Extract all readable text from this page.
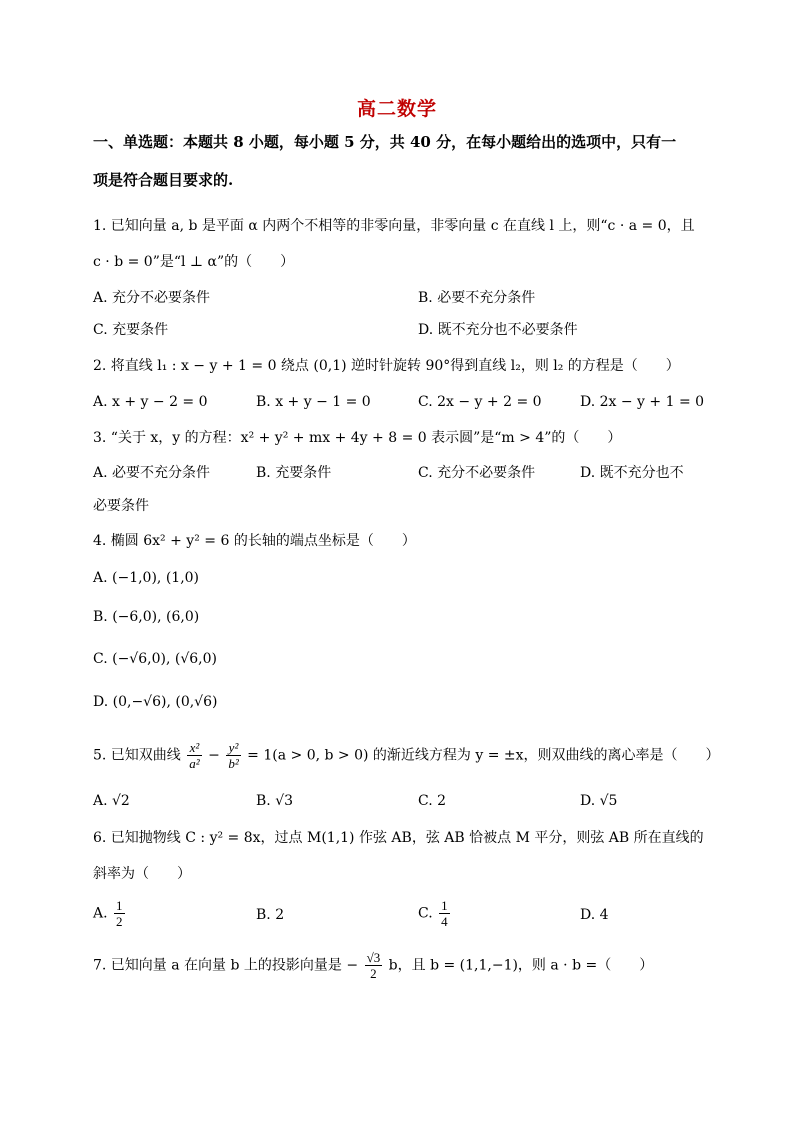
高二数学
一、单选题：本题共 8 小题，每小题 5 分，共 40 分，在每小题给出的选项中，只有一
项是符合题目要求的.
1. 已知向量 a, b 是平面 α 内两个不相等的非零向量，非零向量 c 在直线 l 上，则“c · a = 0，且
c · b = 0”是“l ⊥ α”的（　　）
A. 充分不必要条件	B. 必要不充分条件
C. 充要条件	D. 既不充分也不必要条件
2. 将直线 l₁ : x − y + 1 = 0 绕点 (0,1) 逆时针旋转 90°得到直线 l₂，则 l₂ 的方程是（　　）
A. x + y − 2 = 0	B. x + y − 1 = 0	C. 2x − y + 2 = 0	D. 2x − y + 1 = 0
3. “关于 x，y 的方程：x² + y² + mx + 4y + 8 = 0 表示圆”是“m > 4”的（　　）
A. 必要不充分条件	B. 充要条件	C. 充分不必要条件	D. 既不充分也不
必要条件
4. 椭圆 6x² + y² = 6 的长轴的端点坐标是（　　）
A. (−1,0), (1,0)
B. (−6,0), (6,0)
C. (−√6,0), (√6,0)
D. (0,−√6), (0,√6)
5. 已知双曲线 $\frac{\text{x²}}{\text{a²}} - \frac{\text{y²}}{\text{b²}} = 1(a > 0$, b > 0) 的渐近线方程为 y = ±x，则双曲线的离心率是（　　）
A. √2	B. √3	C. 2	D. √5
6. 已知抛物线 C : y² = 8x，过点 M(1,1) 作弦 AB，弦 AB 恰被点 M 平分，则弦 AB 所在直线的
斜率为（　　）
A. $\frac{1}{2}$	B. 2	C. $\frac{1}{4}$	D. 4
7. 已知向量 a 在向量 b 上的投影向量是 − $\frac{√3}{2}$ b，且 b = (1,1,−1)，则 a · b =（　　）
